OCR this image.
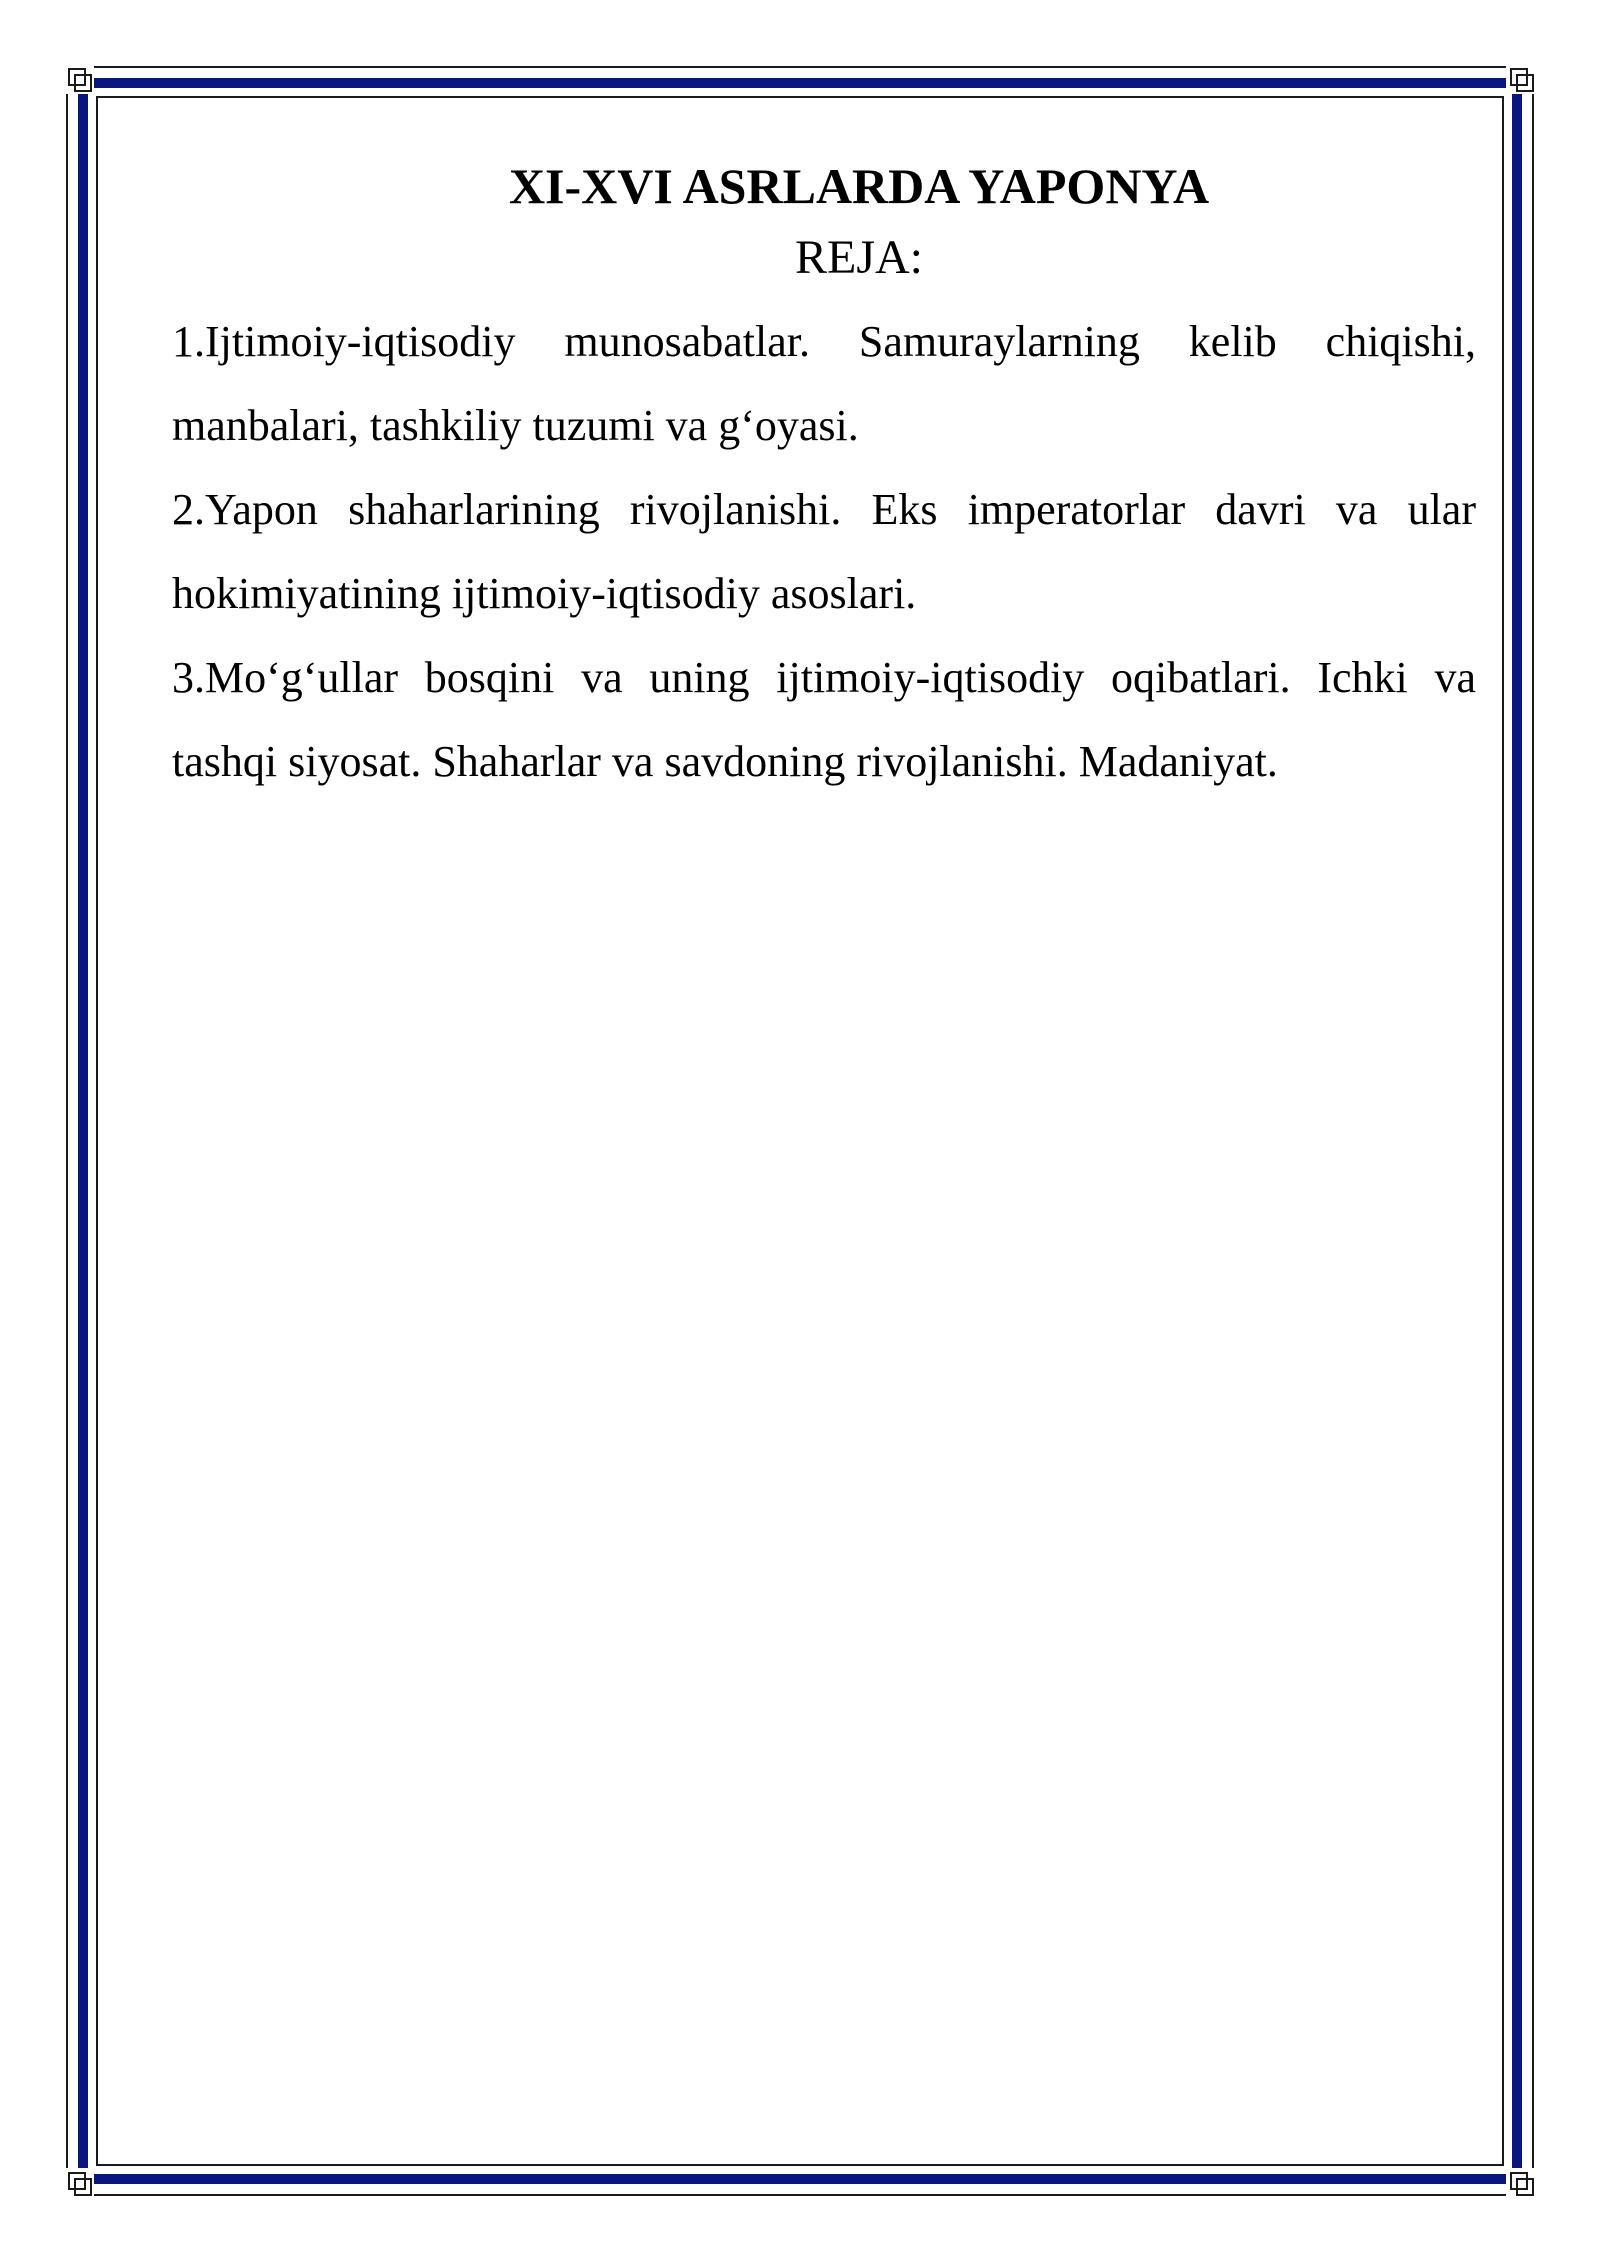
XI-XVI ASRLARDA YAPONYA

REJA:

1.Ijtimoiy-iqtisodiy munosabatlar. Samuraylarning kelib chiqishi, manbalari, tashkiliy tuzumi va g‘oyasi.

2.Yapon shaharlarining rivojlanishi. Eks imperatorlar davri va ular hokimiyatining ijtimoiy-iqtisodiy asoslari.

3.Mo‘g‘ullar bosqini va uning ijtimoiy-iqtisodiy oqibatlari. Ichki va tashqi siyosat. Shaharlar va savdoning rivojlanishi. Madaniyat.
